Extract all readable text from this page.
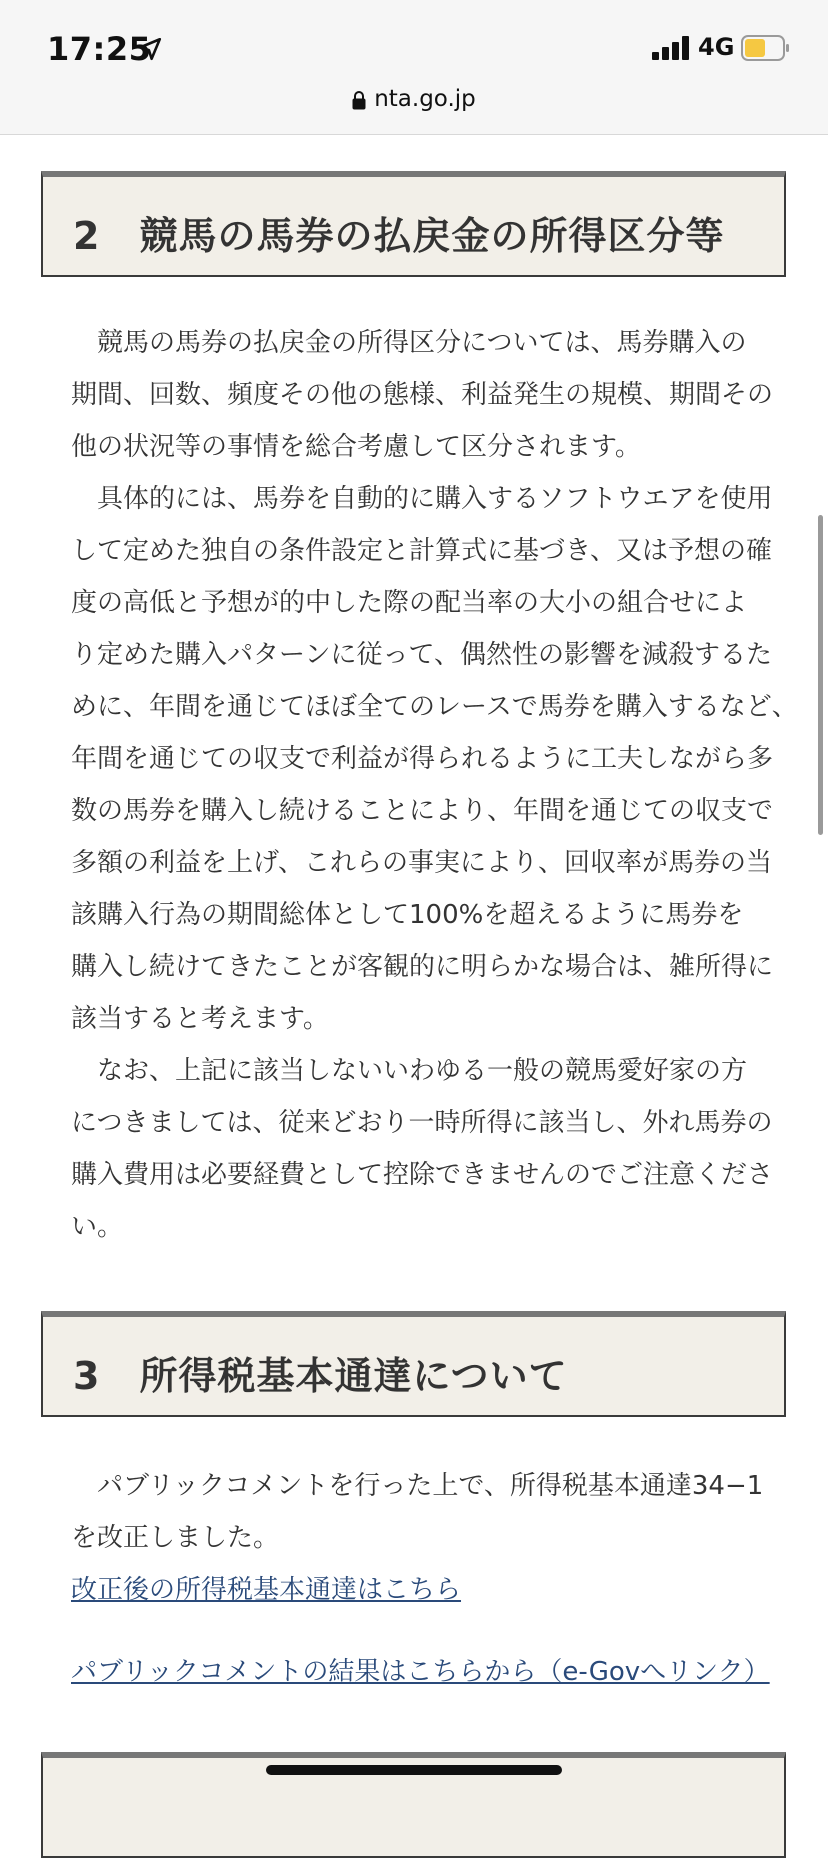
17:25	4G
nta.go.jp
2　競馬の馬券の払戻金の所得区分等
　競馬の馬券の払戻金の所得区分については、馬券購入の
期間、回数、頻度その他の態様、利益発生の規模、期間その
他の状況等の事情を総合考慮して区分されます。
　具体的には、馬券を自動的に購入するソフトウエアを使用
して定めた独自の条件設定と計算式に基づき、又は予想の確
度の高低と予想が的中した際の配当率の大小の組合せによ
り定めた購入パターンに従って、偶然性の影響を減殺するた
めに、年間を通じてほぼ全てのレースで馬券を購入するなど、
年間を通じての収支で利益が得られるように工夫しながら多
数の馬券を購入し続けることにより、年間を通じての収支で
多額の利益を上げ、これらの事実により、回収率が馬券の当
該購入行為の期間総体として100%を超えるように馬券を
購入し続けてきたことが客観的に明らかな場合は、雑所得に
該当すると考えます。
　なお、上記に該当しないいわゆる一般の競馬愛好家の方
につきましては、従来どおり一時所得に該当し、外れ馬券の
購入費用は必要経費として控除できませんのでご注意くださ
い。
3　所得税基本通達について
　パブリックコメントを行った上で、所得税基本通達34−1
を改正しました。
改正後の所得税基本通達はこちら
パブリックコメントの結果はこちらから（e-Govへリンク）
